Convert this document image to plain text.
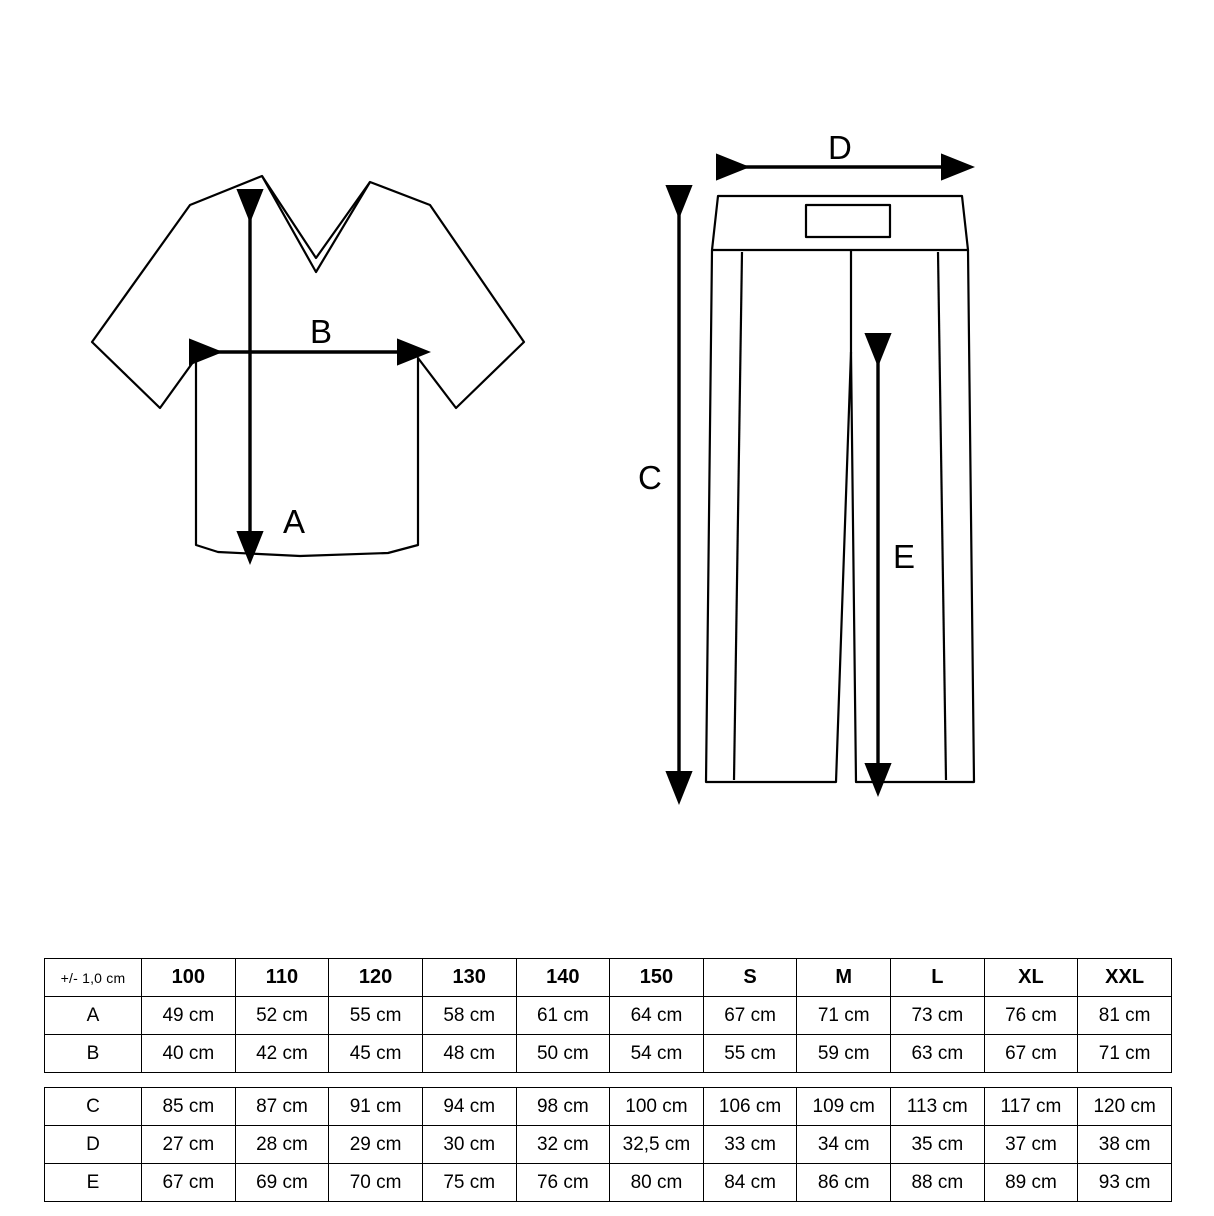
B
A
D
C
E
+/- 1,0 cm	100	110	120	130	140	150	S	M	L	XL	XXL
A	49 cm	52 cm	55 cm	58 cm	61 cm	64 cm	67 cm	71 cm	73 cm	76 cm	81 cm
B	40 cm	42 cm	45 cm	48 cm	50 cm	54 cm	55 cm	59 cm	63 cm	67 cm	71 cm
C	85 cm	87 cm	91 cm	94 cm	98 cm	100 cm	106 cm	109 cm	113 cm	117 cm	120 cm
D	27 cm	28 cm	29 cm	30 cm	32 cm	32,5 cm	33 cm	34 cm	35 cm	37 cm	38 cm
E	67 cm	69 cm	70 cm	75 cm	76 cm	80 cm	84 cm	86 cm	88 cm	89 cm	93 cm
